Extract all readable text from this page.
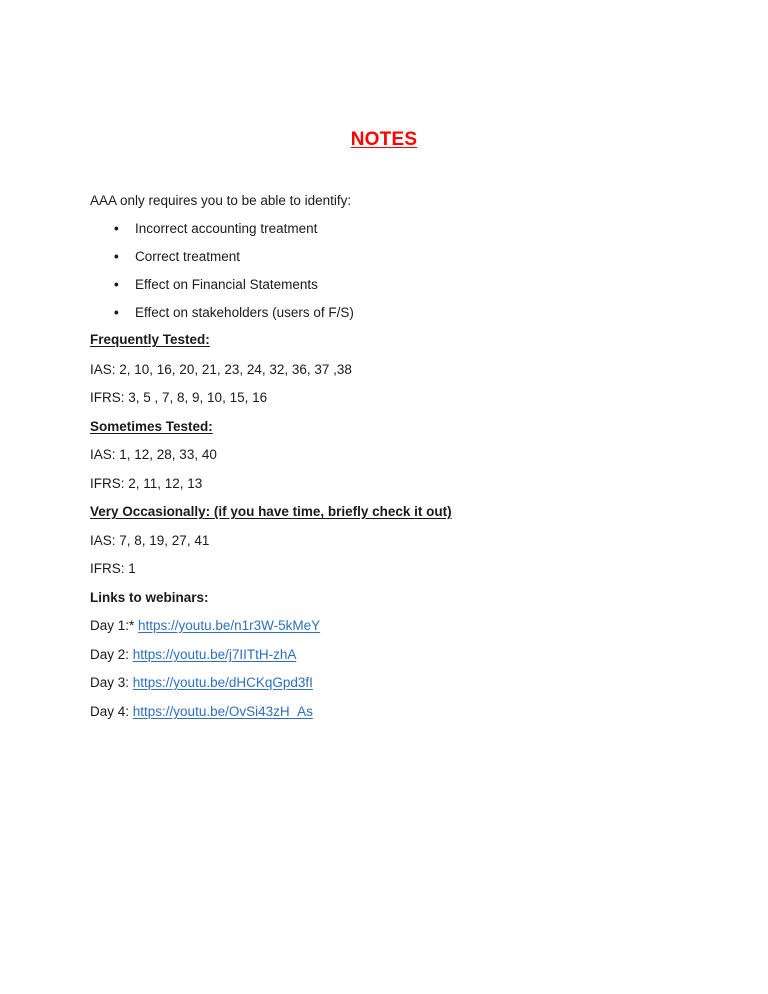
NOTES
AAA only requires you to be able to identify:
• Incorrect accounting treatment
• Correct treatment
• Effect on Financial Statements
• Effect on stakeholders (users of F/S)
Frequently Tested:
IAS: 2, 10, 16, 20, 21, 23, 24, 32, 36, 37 ,38
IFRS: 3, 5 , 7, 8, 9, 10, 15, 16
Sometimes Tested:
IAS: 1, 12, 28, 33, 40
IFRS: 2, 11, 12, 13
Very Occasionally: (if you have time, briefly check it out)
IAS: 7, 8, 19, 27, 41
IFRS: 1
Links to webinars:
Day 1:* https://youtu.be/n1r3W-5kMeY
Day 2: https://youtu.be/j7IITtH-zhA
Day 3: https://youtu.be/dHCKqGpd3fI
Day 4: https://youtu.be/OvSi43zH_As
